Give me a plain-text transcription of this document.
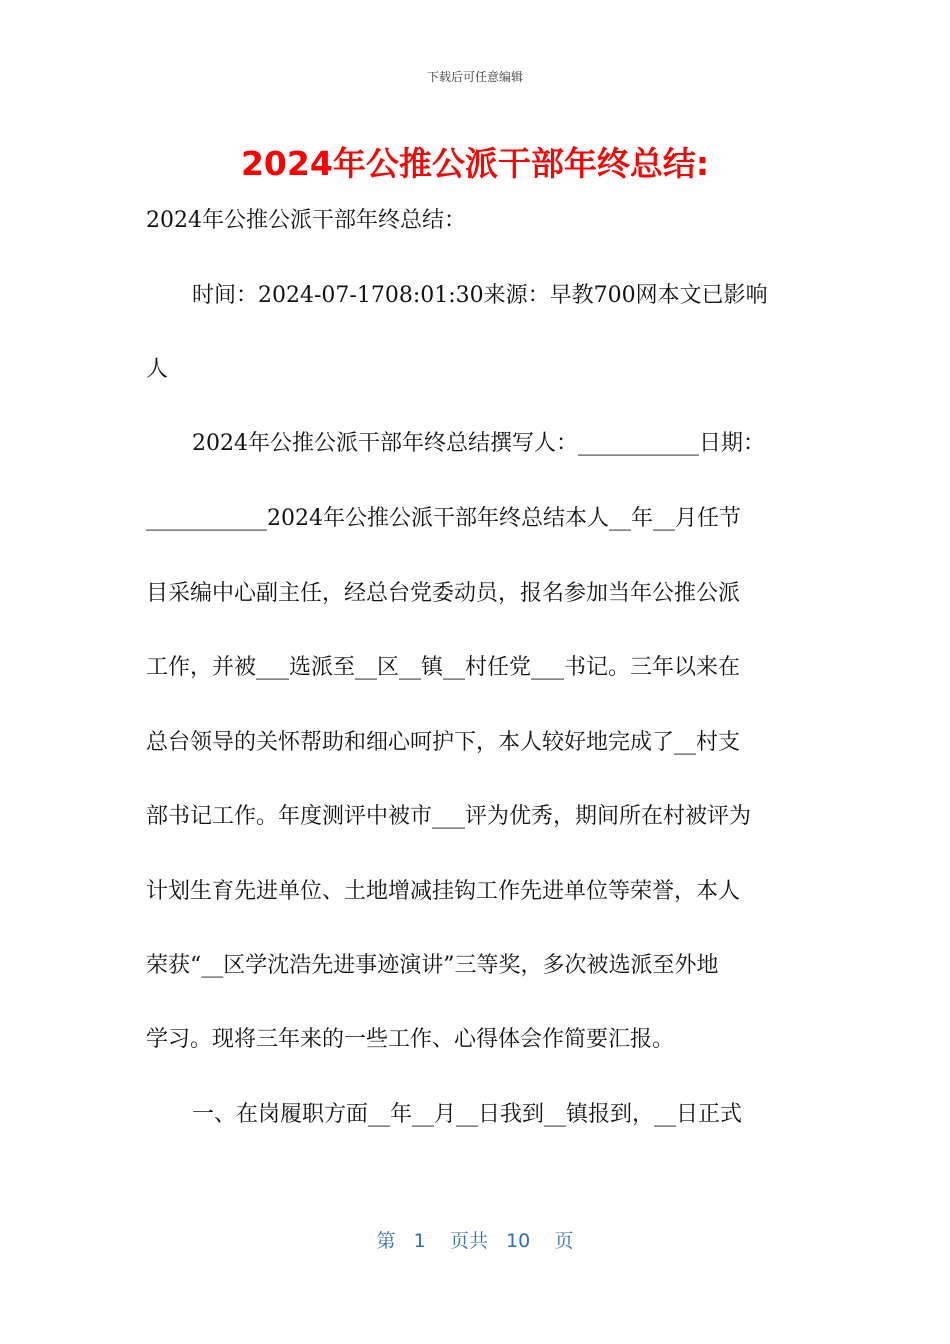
下载后可任意编辑
2024年公推公派干部年终总结:
2024年公推公派干部年终总结：
时间：2024-07-1708:01:30来源：早教700网本文已影响
人
2024年公推公派干部年终总结撰写人：___________日期：
___________2024年公推公派干部年终总结本人__年__月任节
目采编中心副主任，经总台党委动员，报名参加当年公推公派
工作，并被___选派至__区__镇__村任党___书记。三年以来在
总台领导的关怀帮助和细心呵护下，本人较好地完成了__村支
部书记工作。年度测评中被市___评为优秀，期间所在村被评为
计划生育先进单位、土地增减挂钩工作先进单位等荣誉，本人
荣获“__区学沈浩先进事迹演讲”三等奖，多次被选派至外地
学习。现将三年来的一些工作、心得体会作简要汇报。
一、在岗履职方面__年__月__日我到__镇报到，__日正式
第 1 页共 10 页
